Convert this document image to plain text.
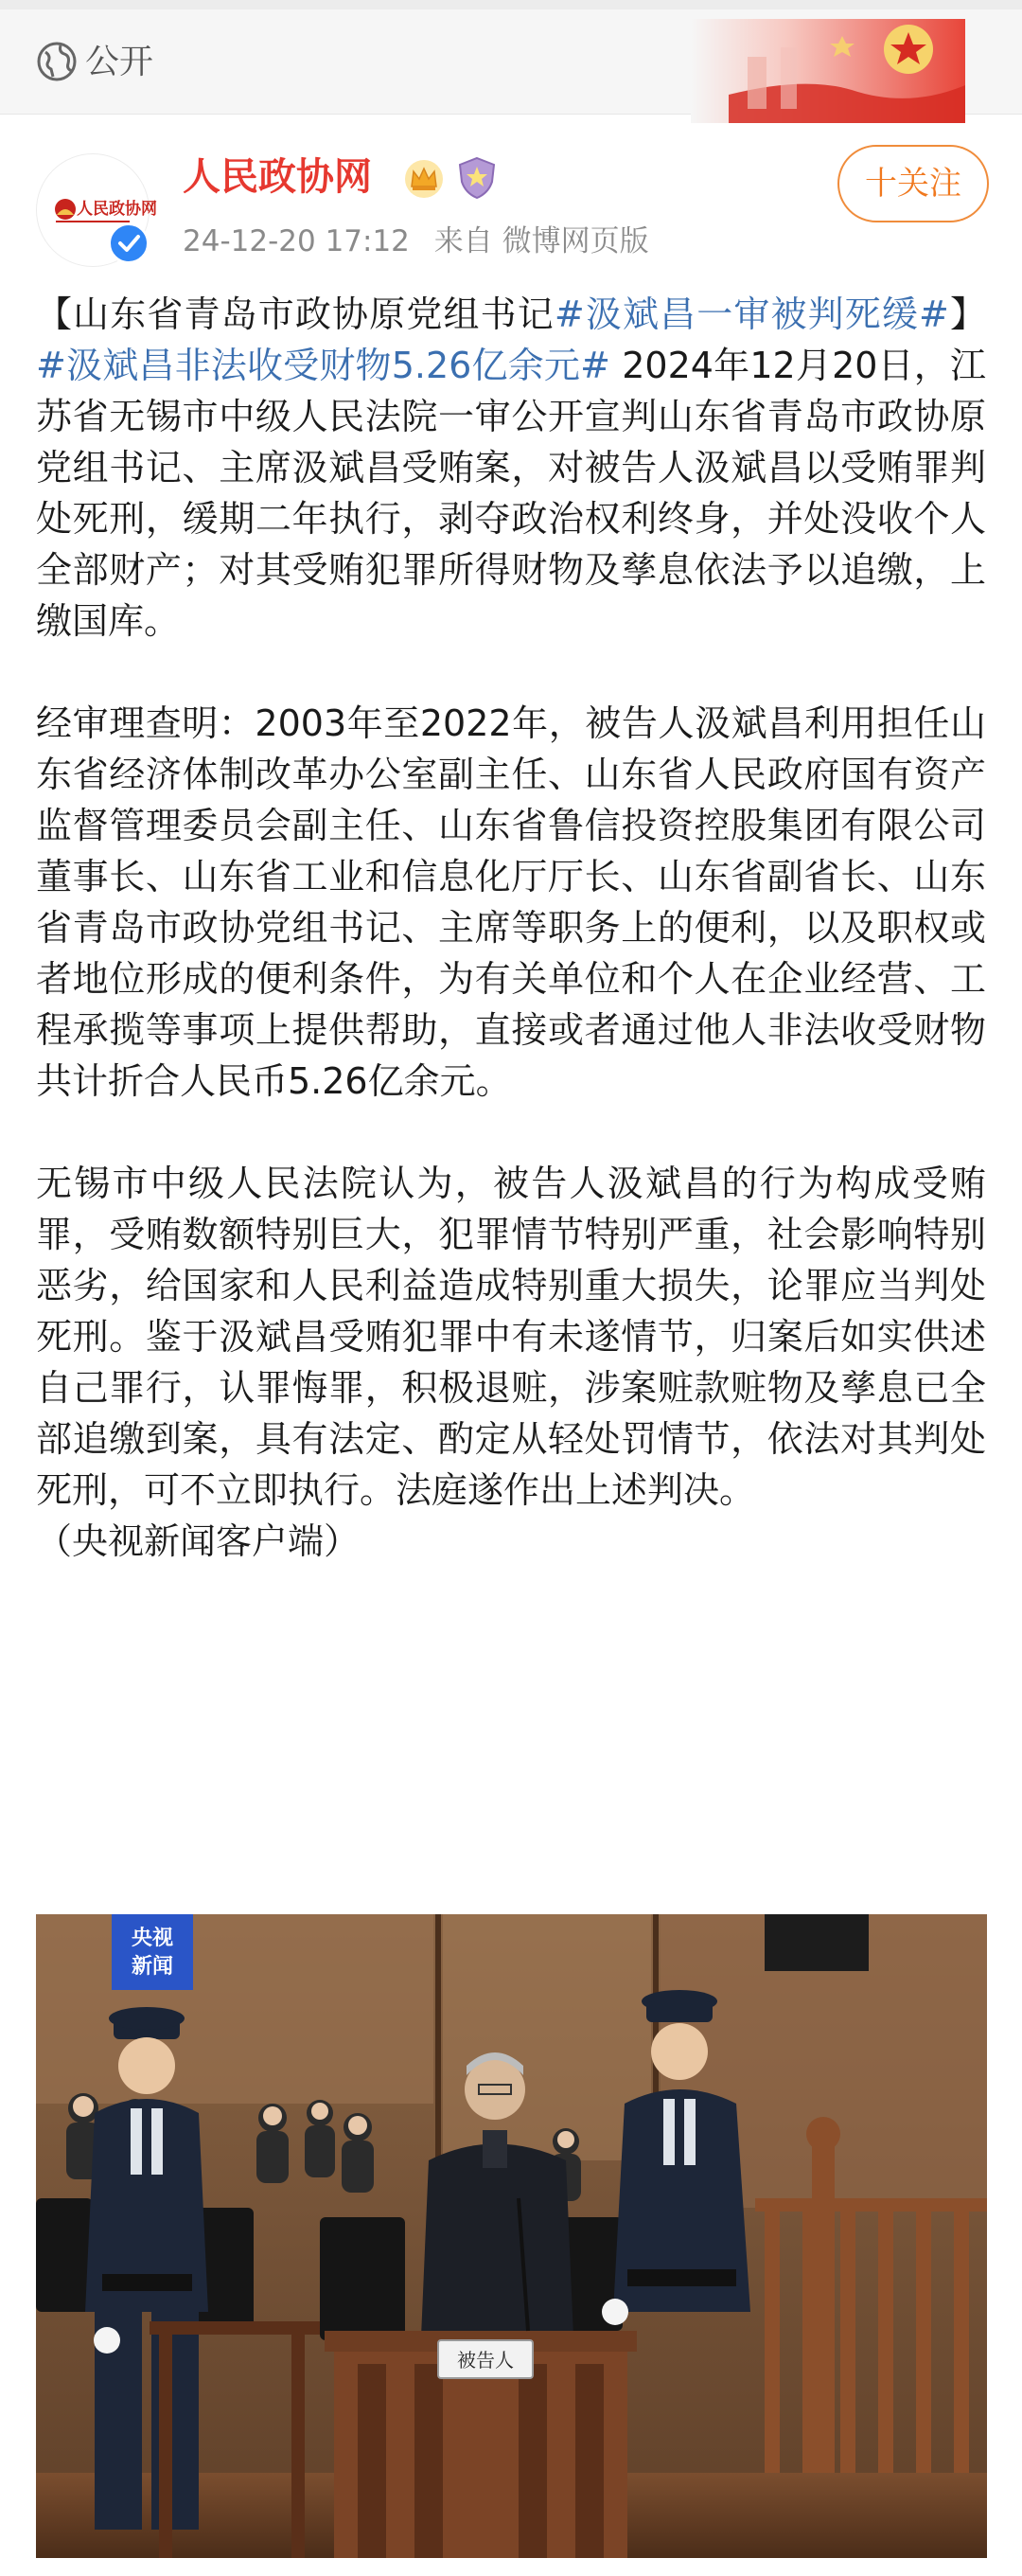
公开
人民政协网
人民政协网
24-12-20 17:12 来自 微博网页版
十关注

【山东省青岛市政协原党组书记#汲斌昌一审被判死缓#】#汲斌昌非法收受财物5.26亿余元# 2024年12月20日，江苏省无锡市中级人民法院一审公开宣判山东省青岛市政协原党组书记、主席汲斌昌受贿案，对被告人汲斌昌以受贿罪判处死刑，缓期二年执行，剥夺政治权利终身，并处没收个人全部财产；对其受贿犯罪所得财物及孳息依法予以追缴，上缴国库。

经审理查明：2003年至2022年，被告人汲斌昌利用担任山东省经济体制改革办公室副主任、山东省人民政府国有资产监督管理委员会副主任、山东省鲁信投资控股集团有限公司董事长、山东省工业和信息化厅厅长、山东省副省长、山东省青岛市政协党组书记、主席等职务上的便利，以及职权或者地位形成的便利条件，为有关单位和个人在企业经营、工程承揽等事项上提供帮助，直接或者通过他人非法收受财物共计折合人民币5.26亿余元。

无锡市中级人民法院认为，被告人汲斌昌的行为构成受贿罪，受贿数额特别巨大，犯罪情节特别严重，社会影响特别恶劣，给国家和人民利益造成特别重大损失，论罪应当判处死刑。鉴于汲斌昌受贿犯罪中有未遂情节，归案后如实供述自己罪行，认罪悔罪，积极退赃，涉案赃款赃物及孳息已全部追缴到案，具有法定、酌定从轻处罚情节，依法对其判处死刑，可不立即执行。法庭遂作出上述判决。

（央视新闻客户端）

被告人
央视
新闻
